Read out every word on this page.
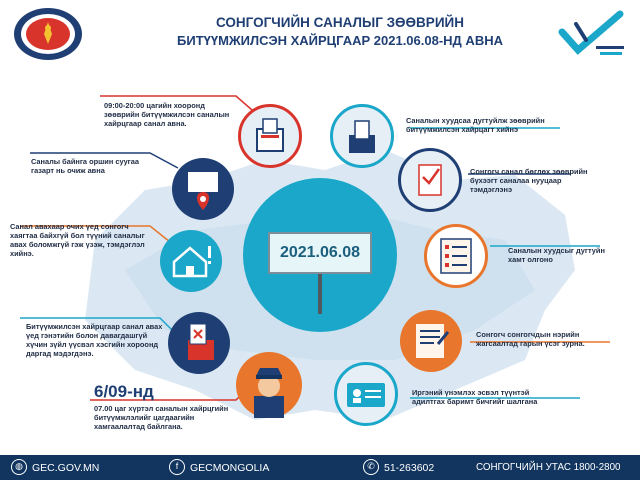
СОНГОГЧИЙН САНАЛЫГ ЗӨӨВРИЙН
БИТҮҮМЖИЛСЭН ХАЙРЦГААР 2021.06.08-НД АВНА
2021.06.08
09:00-20:00 цагийн хооронд зөөврийн битүүмжилсэн саналын хайрцгаар санал авна.
Саналы байнга оршин суугаа газарт нь очиж авна
Санал авахаар очих үед сонгогч хаягтаа байхгүй бол түүний саналыг авах боломжгүй гэж үзэж, тэмдэглэл хийнэ.
Битүүмжилсэн хайрцгаар санал авах үед гэнэтийн болон давагдашгүй хүчин зүйл үүсвэл хэсгийн хороонд даргад мэдэгдэнэ.
6/09-нд
07.00 цаг хүртэл саналын хайрцгийн битүүмжлэлийг цагдаагийн хамгаалалтад байлгана.
Саналын хуудсаа дугтуйлж зөөврийн битүүмжилсэн хайрцагт хийнэ
Сонгогч санал бөглөх зөөврийн бүхээгт саналаа нууцаар тэмдэглэнэ
Саналын хуудсыг дугтуйн хамт олгоно
Сонгогч сонгогчдын нэрийн жагсаалтад гарын үсэг зурна.
Иргэний үнэмлэх эсвэл түүнтэй адилтгах баримт бичгийг шалгана
◍ GEC.GOV.MN	f	GECMONGOLIA	✆ 51-263602	СОНГОГЧИЙН УТАС 1800-2800
